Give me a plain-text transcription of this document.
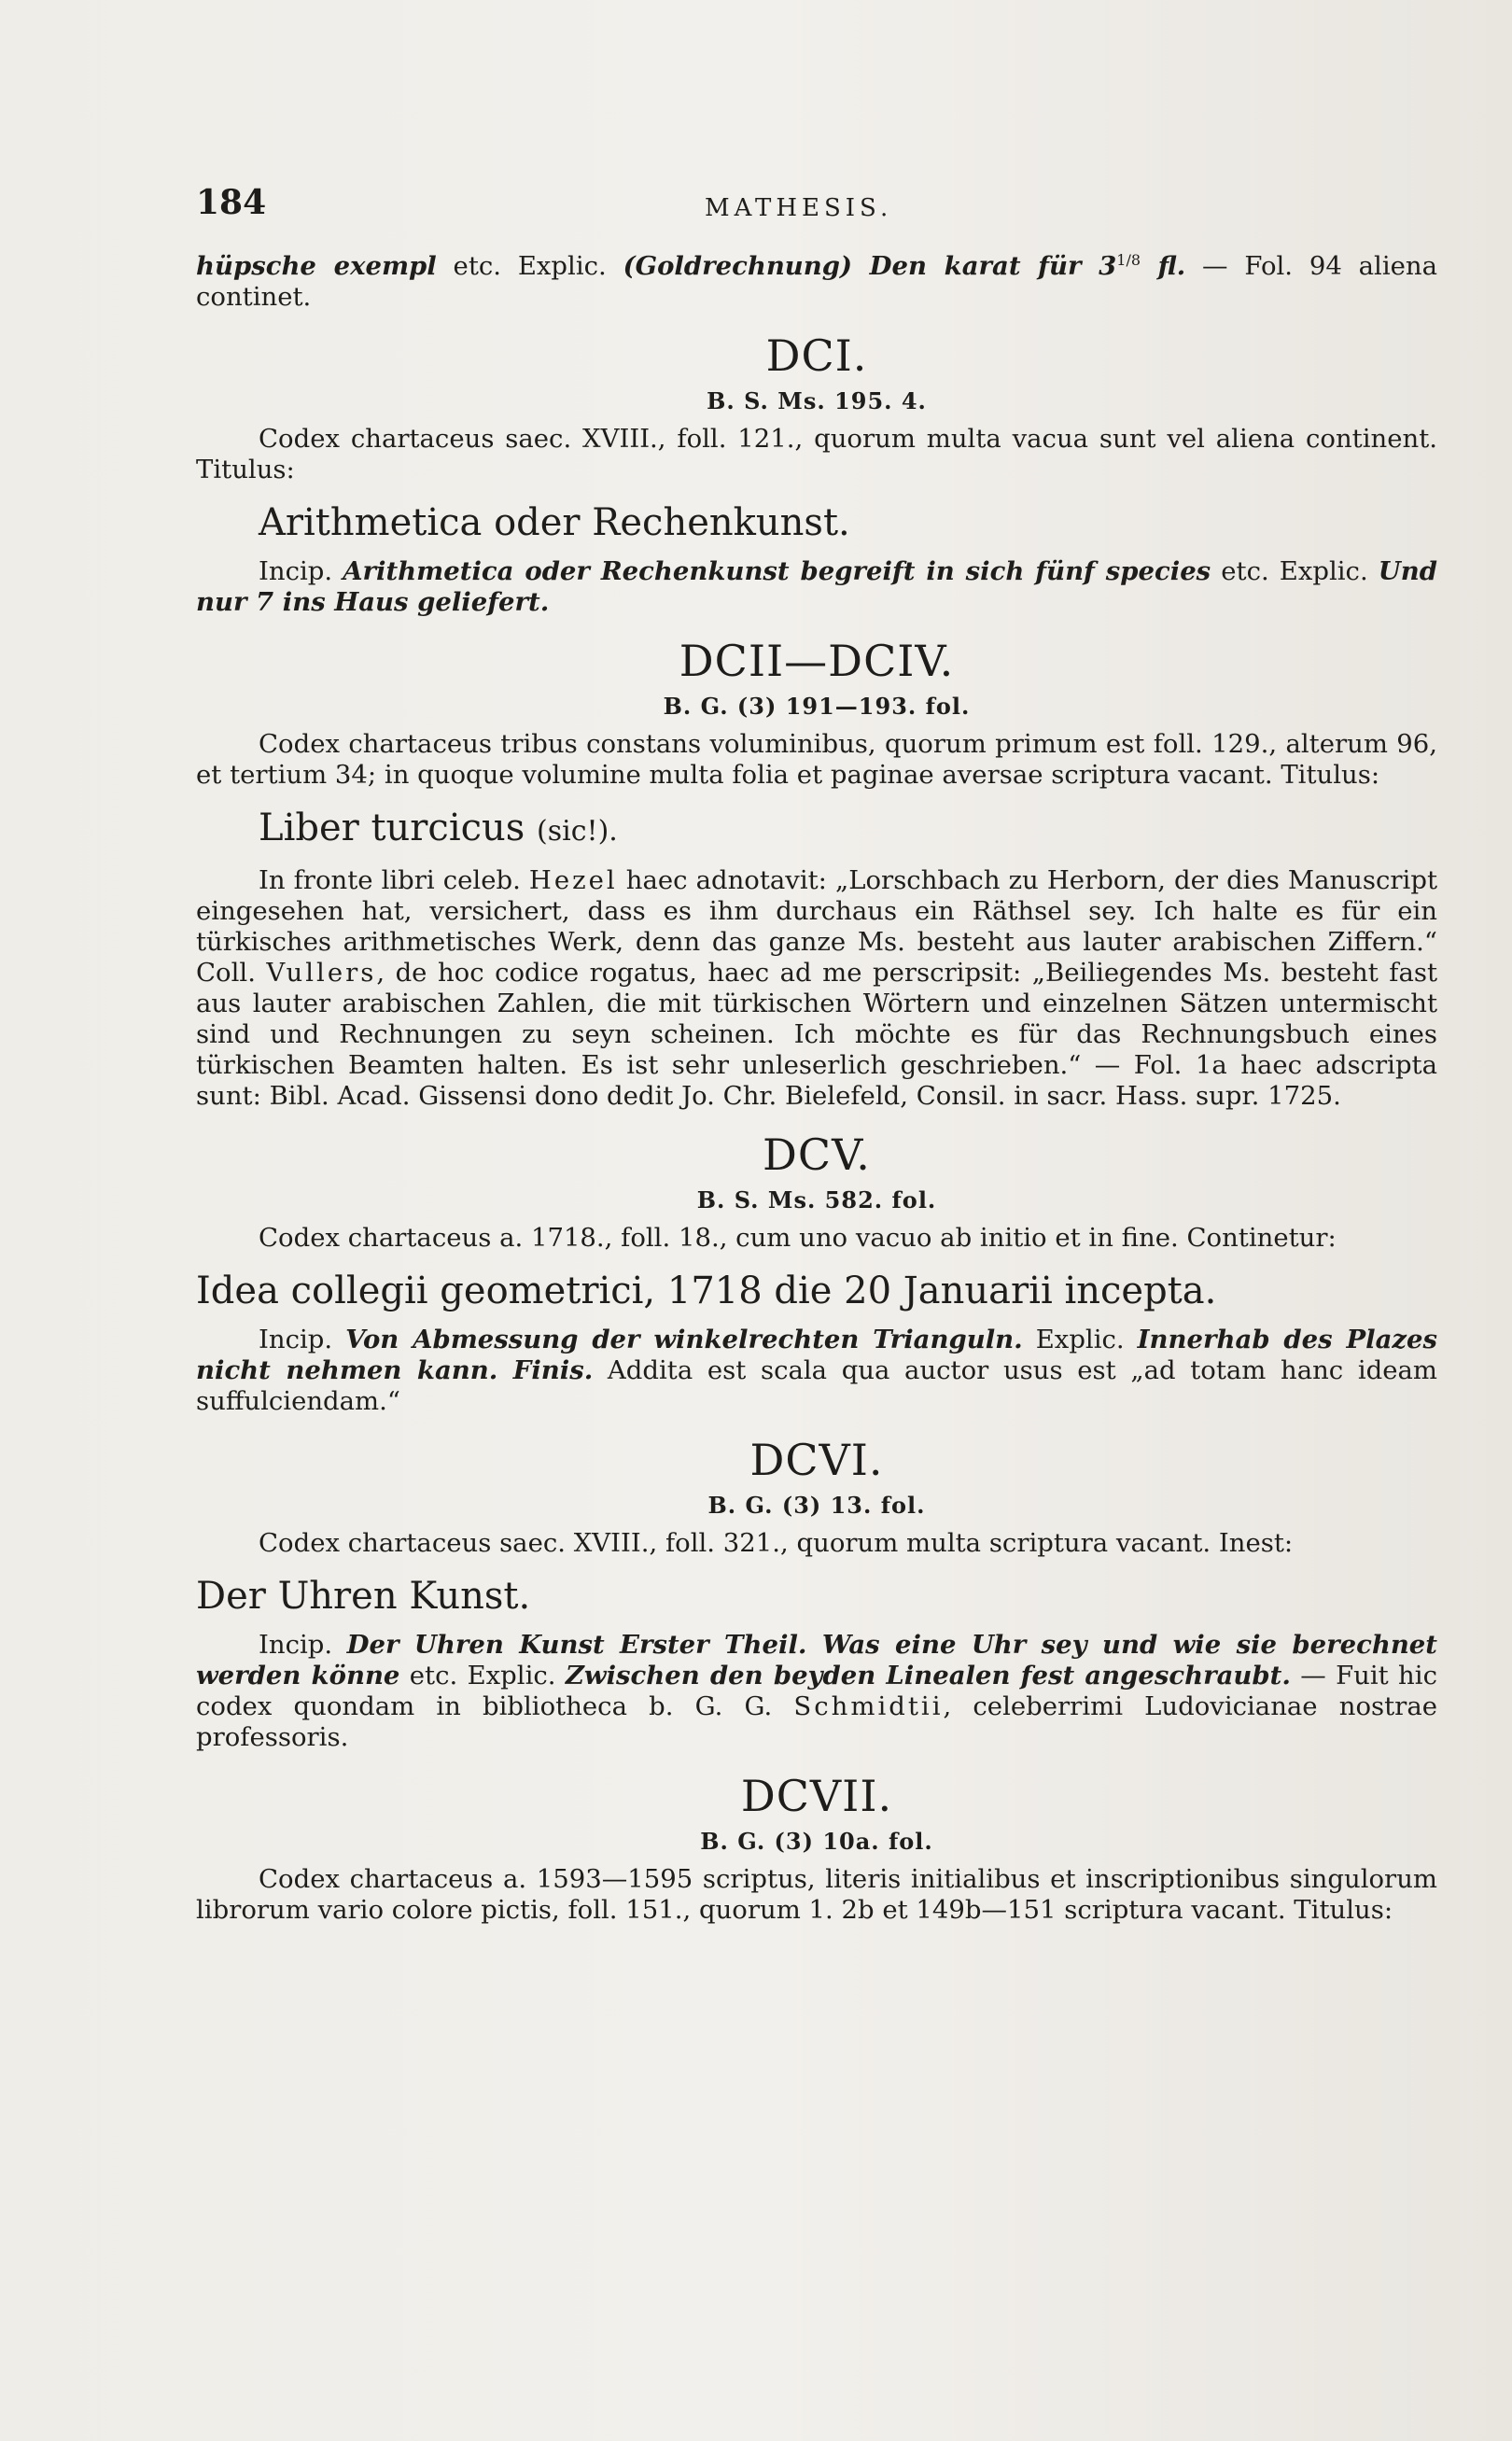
184	MATHESIS.

hüpsche exempl etc. Explic. (Goldrechnung) Den karat für $3^{1/8}$ fl. — Fol. 94 aliena continet.

DCI.

B. S. Ms. 195. 4.

Codex chartaceus saec. XVIII., foll. 121., quorum multa vacua sunt vel aliena continent. Titulus:

Arithmetica oder Rechenkunst.

Incip. Arithmetica oder Rechenkunst begreift in sich fünf species etc. Explic. Und nur 7 ins Haus geliefert.

DCII—DCIV.

B. G. (3) 191—193. fol.

Codex chartaceus tribus constans voluminibus, quorum primum est foll. 129., alterum 96, et tertium 34; in quoque volumine multa folia et paginae aversae scriptura vacant. Titulus:

Liber turcicus (sic!).

In fronte libri celeb. Hezel haec adnotavit: „Lorschbach zu Herborn, der dies Manuscript eingesehen hat, versichert, dass es ihm durchaus ein Räthsel sey. Ich halte es für ein türkisches arithmetisches Werk, denn das ganze Ms. besteht aus lauter arabischen Ziffern.“ Coll. Vullers, de hoc codice rogatus, haec ad me perscripsit: „Beiliegendes Ms. besteht fast aus lauter arabischen Zahlen, die mit türkischen Wörtern und einzelnen Sätzen untermischt sind und Rechnungen zu seyn scheinen. Ich möchte es für das Rechnungsbuch eines türkischen Beamten halten. Es ist sehr unleserlich geschrieben.“ — Fol. 1a haec adscripta sunt: Bibl. Acad. Gissensi dono dedit Jo. Chr. Bielefeld, Consil. in sacr. Hass. supr. 1725.

DCV.

B. S. Ms. 582. fol.

Codex chartaceus a. 1718., foll. 18., cum uno vacuo ab initio et in fine. Continetur:

Idea collegii geometrici, 1718 die 20 Januarii incepta.

Incip. Von Abmessung der winkelrechten Trianguln. Explic. Innerhab des Plazes nicht nehmen kann. Finis. Addita est scala qua auctor usus est „ad totam hanc ideam suffulciendam.“

DCVI.

B. G. (3) 13. fol.

Codex chartaceus saec. XVIII., foll. 321., quorum multa scriptura vacant. Inest:

Der Uhren Kunst.

Incip. Der Uhren Kunst Erster Theil. Was eine Uhr sey und wie sie berechnet werden könne etc. Explic. Zwischen den beyden Linealen fest angeschraubt. — Fuit hic codex quondam in bibliotheca b. G. G. Schmidtii, celeberrimi Ludovicianae nostrae professoris.

DCVII.

B. G. (3) 10a. fol.

Codex chartaceus a. 1593—1595 scriptus, literis initialibus et inscriptionibus singulorum librorum vario colore pictis, foll. 151., quorum 1. 2b et 149b—151 scriptura vacant. Titulus:
